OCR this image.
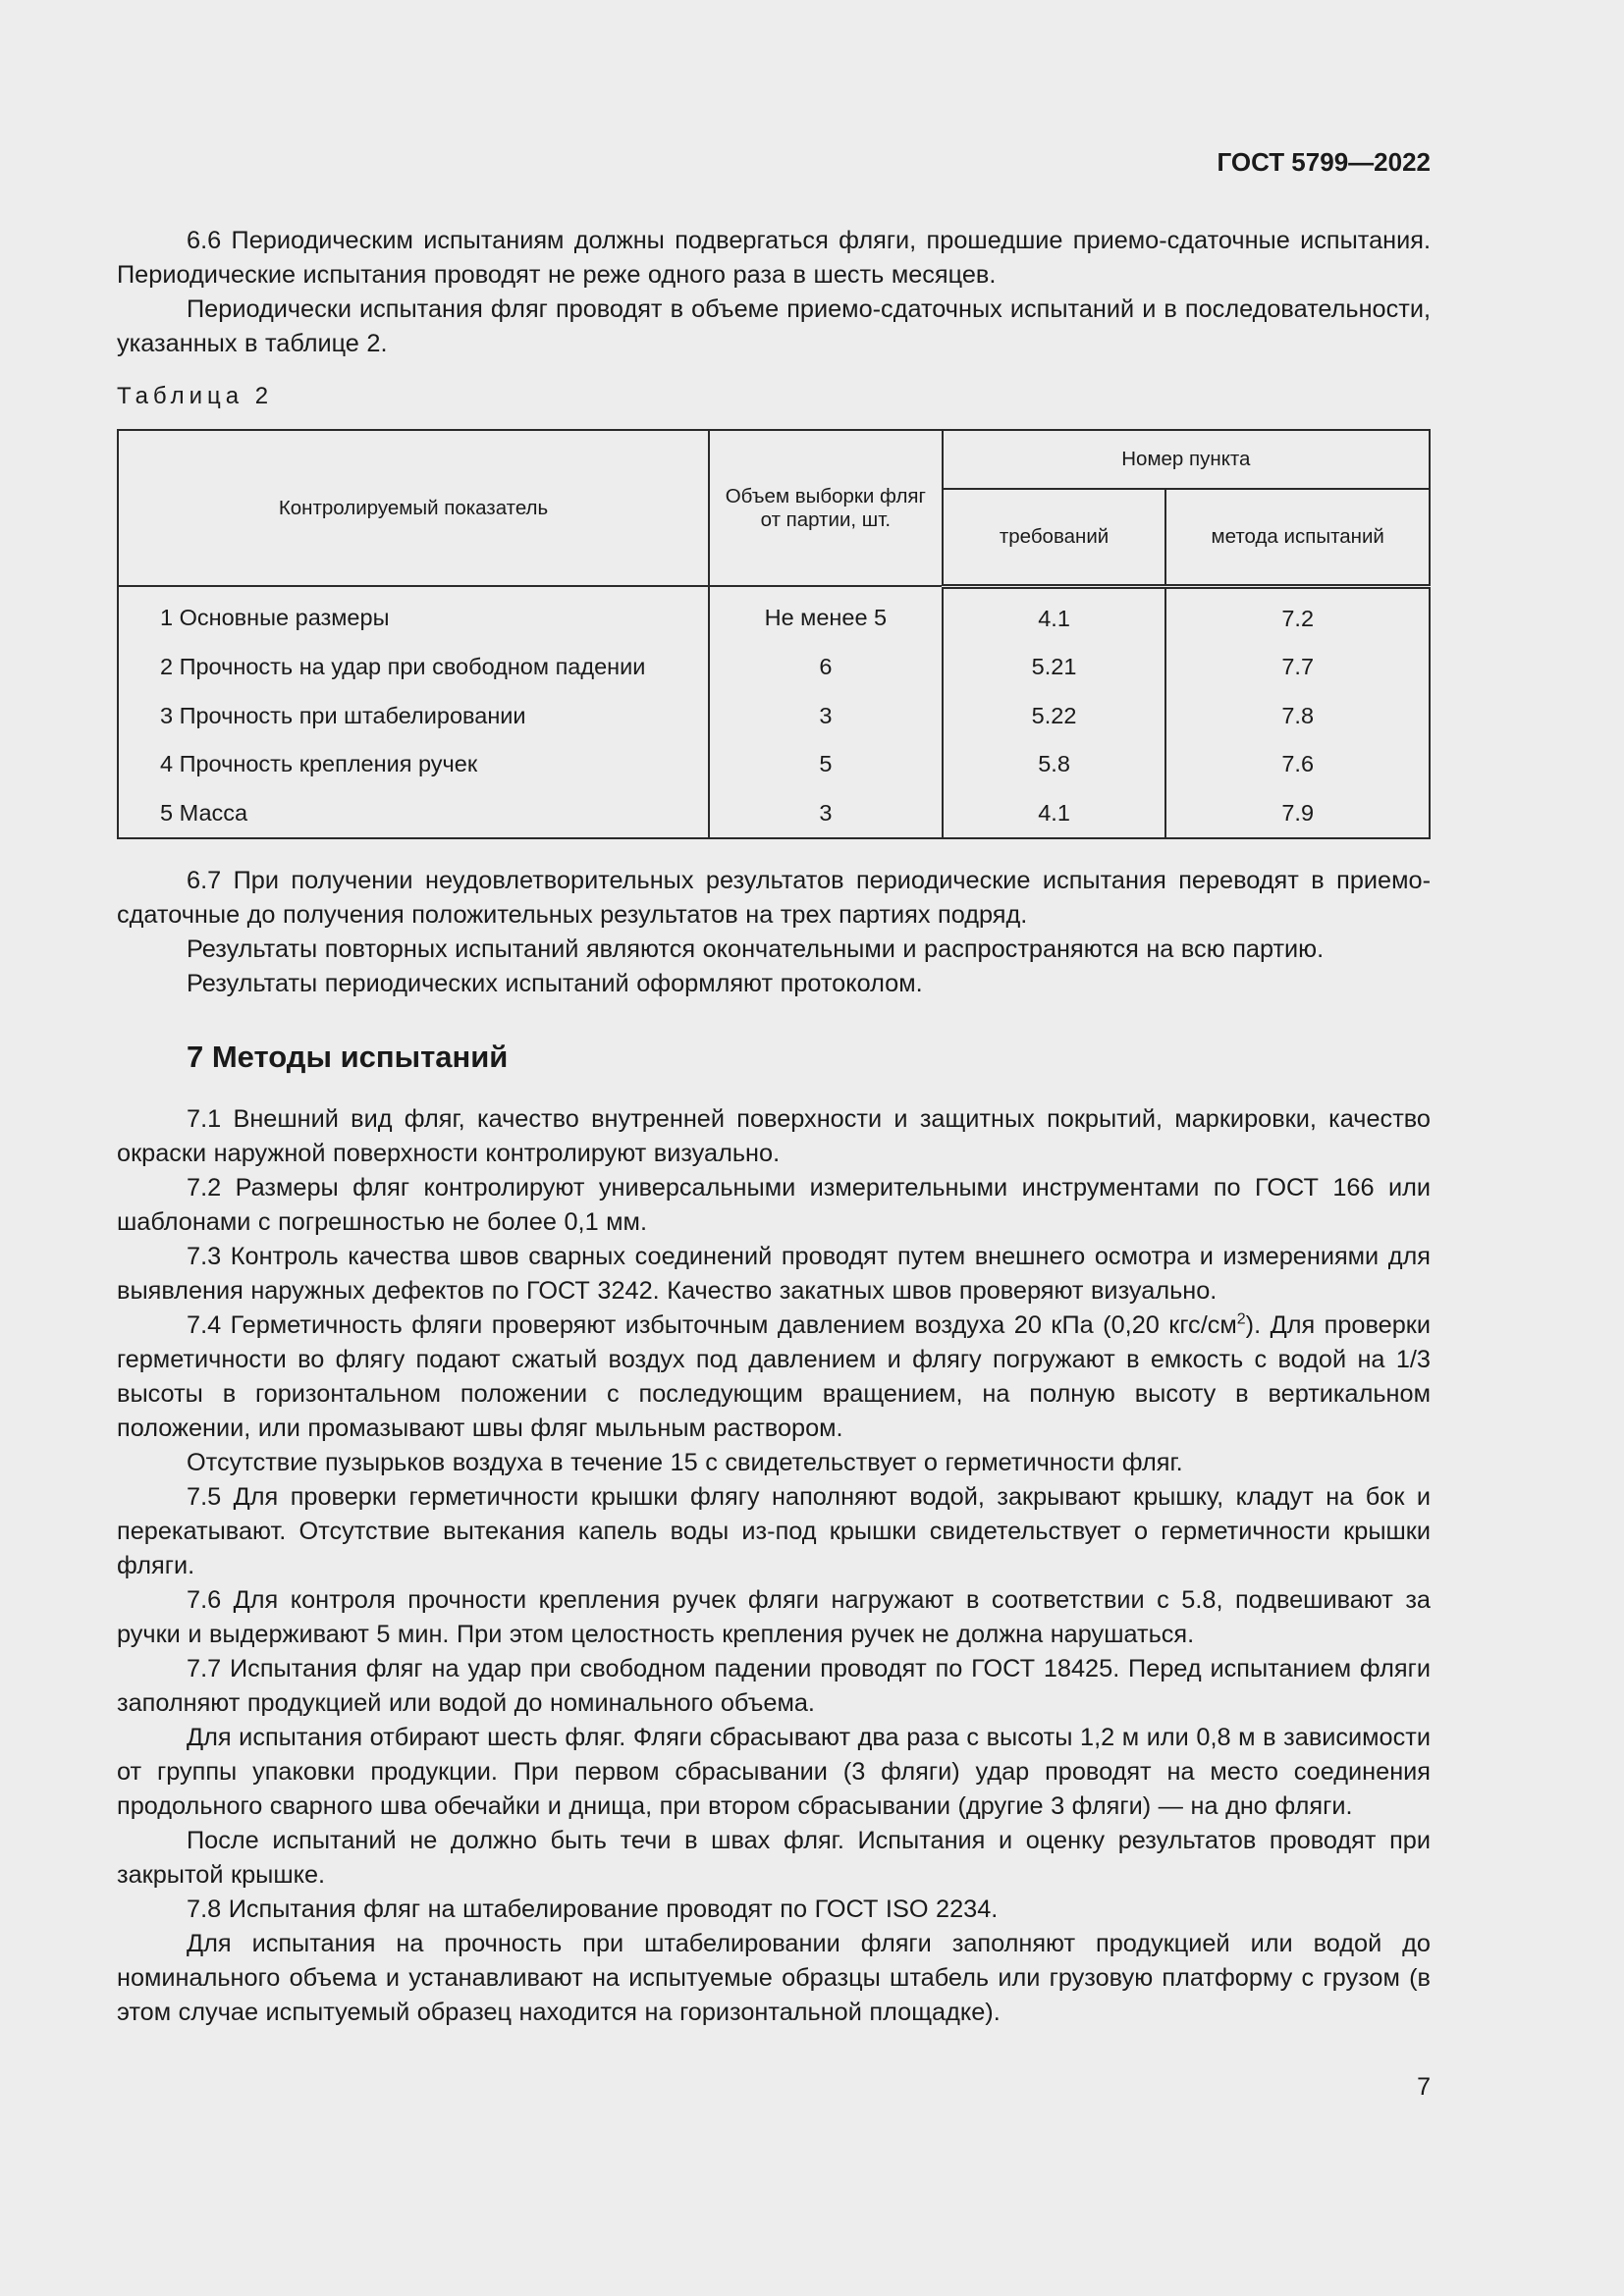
ГОСТ 5799—2022

6.6 Периодическим испытаниям должны подвергаться фляги, прошедшие приемо-сдаточные испытания. Периодические испытания проводят не реже одного раза в шесть месяцев.

Периодически испытания фляг проводят в объеме приемо-сдаточных испытаний и в последовательности, указанных в таблице 2.

Таблица 2
Контролируемый показатель	Объем выборки фляг от партии, шт.	Номер пункта	
		требований	метода испытаний
1 Основные размеры	Не менее 5	4.1	7.2
2 Прочность на удар при свободном падении	6	5.21	7.7
3 Прочность при штабелировании	3	5.22	7.8
4 Прочность крепления ручек	5	5.8	7.6
5 Масса	3	4.1	7.9

6.7 При получении неудовлетворительных результатов периодические испытания переводят в приемо-сдаточные до получения положительных результатов на трех партиях подряд.

Результаты повторных испытаний являются окончательными и распространяются на всю партию.

Результаты периодических испытаний оформляют протоколом.

7 Методы испытаний

7.1 Внешний вид фляг, качество внутренней поверхности и защитных покрытий, маркировки, качество окраски наружной поверхности контролируют визуально.

7.2 Размеры фляг контролируют универсальными измерительными инструментами по ГОСТ 166 или шаблонами с погрешностью не более 0,1 мм.

7.3 Контроль качества швов сварных соединений проводят путем внешнего осмотра и измерениями для выявления наружных дефектов по ГОСТ 3242. Качество закатных швов проверяют визуально.

7.4 Герметичность фляги проверяют избыточным давлением воздуха 20 кПа (0,20 кгс/$см^2$). Для проверки герметичности во флягу подают сжатый воздух под давлением и флягу погружают в емкость с водой на 1/3 высоты в горизонтальном положении с последующим вращением, на полную высоту в вертикальном положении, или промазывают швы фляг мыльным раствором.

Отсутствие пузырьков воздуха в течение 15 с свидетельствует о герметичности фляг.

7.5 Для проверки герметичности крышки флягу наполняют водой, закрывают крышку, кладут на бок и перекатывают. Отсутствие вытекания капель воды из-под крышки свидетельствует о герметичности крышки фляги.

7.6 Для контроля прочности крепления ручек фляги нагружают в соответствии с 5.8, подвешивают за ручки и выдерживают 5 мин. При этом целостность крепления ручек не должна нарушаться.

7.7 Испытания фляг на удар при свободном падении проводят по ГОСТ 18425. Перед испытанием фляги заполняют продукцией или водой до номинального объема.

Для испытания отбирают шесть фляг. Фляги сбрасывают два раза с высоты 1,2 м или 0,8 м в зависимости от группы упаковки продукции. При первом сбрасывании (3 фляги) удар проводят на место соединения продольного сварного шва обечайки и днища, при втором сбрасывании (другие 3 фляги) — на дно фляги.

После испытаний не должно быть течи в швах фляг. Испытания и оценку результатов проводят при закрытой крышке.

7.8 Испытания фляг на штабелирование проводят по ГОСТ ISO 2234.

Для испытания на прочность при штабелировании фляги заполняют продукцией или водой до номинального объема и устанавливают на испытуемые образцы штабель или грузовую платформу с грузом (в этом случае испытуемый образец находится на горизонтальной площадке).

7
